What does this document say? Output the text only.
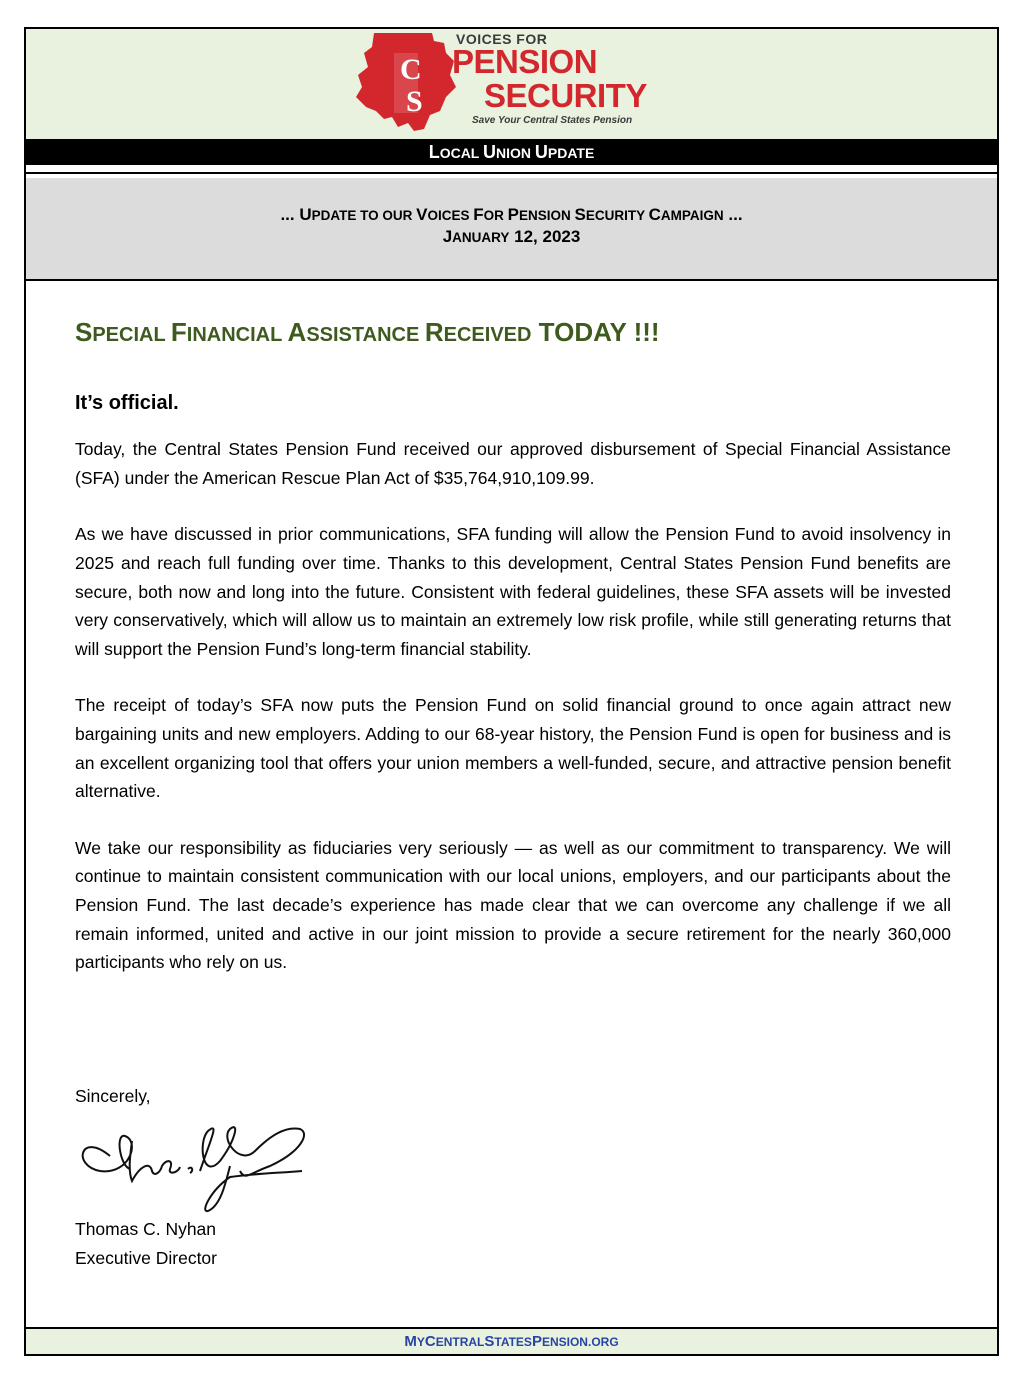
C
S
VOICES FOR
PENSION
SECURITY
Save Your Central States Pension
LOCAL UNION UPDATE
... UPDATE TO OUR VOICES FOR PENSION SECURITY CAMPAIGN ...
JANUARY 12, 2023
SPECIAL FINANCIAL ASSISTANCE RECEIVED TODAY !!!
It’s official.

Today, the Central States Pension Fund received our approved disbursement of Special Financial Assistance (SFA) under the American Rescue Plan Act of $35,764,910,109.99.

As we have discussed in prior communications, SFA funding will allow the Pension Fund to avoid insolvency in 2025 and reach full funding over time. Thanks to this development, Central States Pension Fund benefits are secure, both now and long into the future. Consistent with federal guidelines, these SFA assets will be invested very conservatively, which will allow us to maintain an extremely low risk profile, while still generating returns that will support the Pension Fund’s long-term financial stability.

The receipt of today’s SFA now puts the Pension Fund on solid financial ground to once again attract new bargaining units and new employers. Adding to our 68-year history, the Pension Fund is open for business and is an excellent organizing tool that offers your union members a well-funded, secure, and attractive pension benefit alternative.

We take our responsibility as fiduciaries very seriously — as well as our commitment to transparency. We will continue to maintain consistent communication with our local unions, employers, and our participants about the Pension Fund. The last decade’s experience has made clear that we can overcome any challenge if we all remain informed, united and active in our joint mission to provide a secure retirement for the nearly 360,000 participants who rely on us.

Sincerely,
Thomas C. Nyhan
Executive Director
MYCENTRALSTATESPENSION.ORG
